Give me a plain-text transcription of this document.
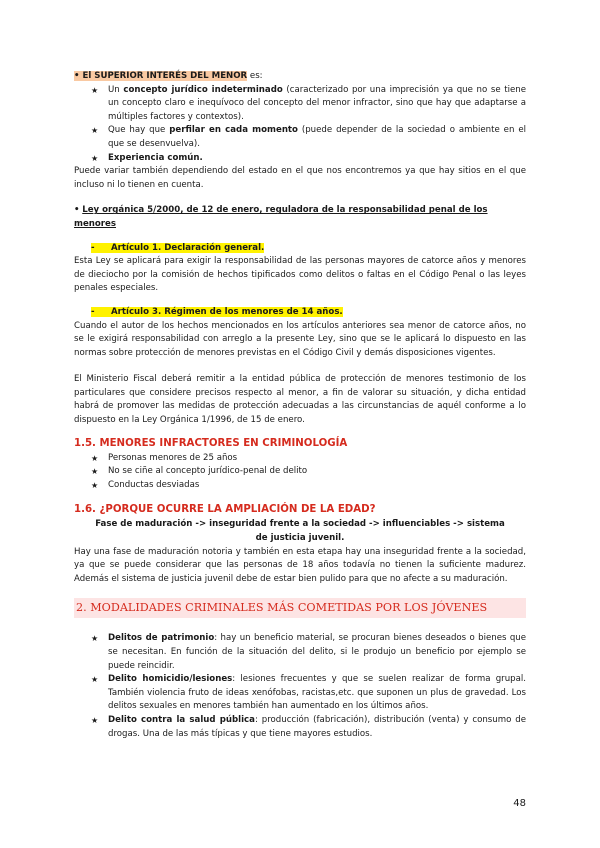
• El SUPERIOR INTERÉS DEL MENOR es:

★ Un concepto jurídico indeterminado (caracterizado por una imprecisión ya que no se tiene un concepto claro e inequívoco del concepto del menor infractor, sino que hay que adaptarse a múltiples factores y contextos).
★ Que hay que perfilar en cada momento (puede depender de la sociedad o ambiente en el que se desenvuelva).
★ Experiencia común.

Puede variar también dependiendo del estado en el que nos encontremos ya que hay sitios en el que incluso ni lo tienen en cuenta.

• Ley orgánica 5/2000, de 12 de enero, reguladora de la responsabilidad penal de los menores

- Artículo 1. Declaración general.

Esta Ley se aplicará para exigir la responsabilidad de las personas mayores de catorce años y menores de dieciocho por la comisión de hechos tipificados como delitos o faltas en el Código Penal o las leyes penales especiales.

- Artículo 3. Régimen de los menores de 14 años.

Cuando el autor de los hechos mencionados en los artículos anteriores sea menor de catorce años, no se le exigirá responsabilidad con arreglo a la presente Ley, sino que se le aplicará lo dispuesto en las normas sobre protección de menores previstas en el Código Civil y demás disposiciones vigentes.

El Ministerio Fiscal deberá remitir a la entidad pública de protección de menores testimonio de los particulares que considere precisos respecto al menor, a fin de valorar su situación, y dicha entidad habrá de promover las medidas de protección adecuadas a las circunstancias de aquél conforme a lo dispuesto en la Ley Orgánica 1/1996, de 15 de enero.

1.5. MENORES INFRACTORES EN CRIMINOLOGÍA

★ Personas menores de 25 años
★ No se ciñe al concepto jurídico-penal de delito
★ Conductas desviadas

1.6. ¿PORQUE OCURRE LA AMPLIACIÓN DE LA EDAD?

Fase de maduración -> inseguridad frente a la sociedad -> influenciables -> sistema de justicia juvenil.

Hay una fase de maduración notoria y también en esta etapa hay una inseguridad frente a la sociedad, ya que se puede considerar que las personas de 18 años todavía no tienen la suficiente madurez. Además el sistema de justicia juvenil debe de estar bien pulido para que no afecte a su maduración.

2. MODALIDADES CRIMINALES MÁS COMETIDAS POR LOS JÓVENES

★ Delitos de patrimonio: hay un beneficio material, se procuran bienes deseados o bienes que se necesitan. En función de la situación del delito, si le produjo un beneficio por ejemplo se puede reincidir.
★ Delito homicidio/lesiones: lesiones frecuentes y que se suelen realizar de forma grupal. También violencia fruto de ideas xenófobas, racistas,etc. que suponen un plus de gravedad. Los delitos sexuales en menores también han aumentado en los últimos años.
★ Delito contra la salud pública: producción (fabricación), distribución (venta) y consumo de drogas. Una de las más típicas y que tiene mayores estudios.
48
